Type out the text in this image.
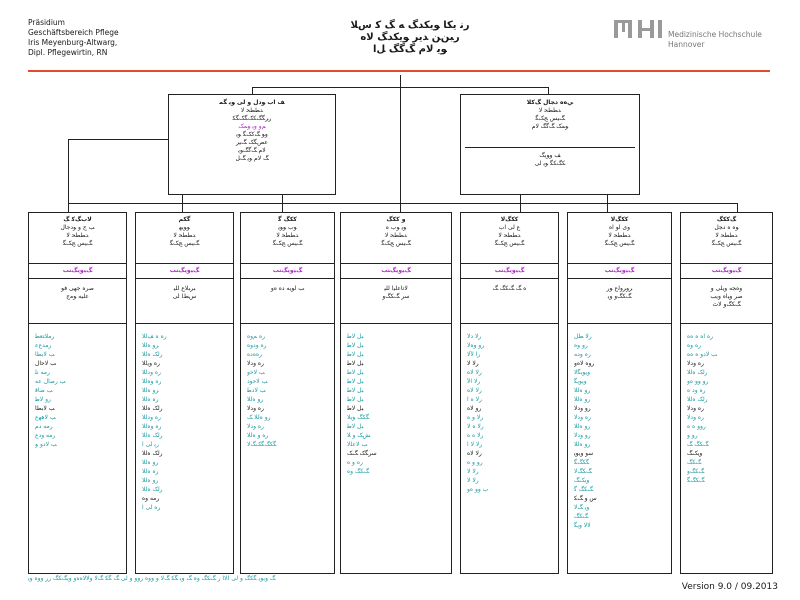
Präsidium
Geschäftsbereich Pflege
Iris Meyenburg-Altwarg,
Dipl. Pflegewirtin, RN
ﺭﻧ ﯾﮑﺎ ﻮﯾﮑﺪﮓ ﻪ ﮓ ﮐ ﺱﻼ
ﺭﺒﻦﻦ ﺪﻳﺮ ﻮﯾﮑﺪﮓ ﻻﻩ
ﻮﯾ ﻻﻡ ﮓﮔﮓ ﻞﺍ
Medizinische Hochschule
Hannover
ﻒ ﺍﺏ ﻮﺩﻝ ﻭ ﻟﯽ ﻮﯾ ﮕﻤ
ﺪﻄﻄﺤ ﻻ
ﺭﺮﮕﮓﮑﮏﮕﮏﮕﮑ
ﻢﻭ ﻭﯾ ﻮﻤﮏ
ﻭﻮ ﮓﮐﮏﮕ ﻮﯾ
ﻋﺺﮕﮏ ﮓﻴﺮ
ﻻﻡ ﮓﮔﮓﻮﯾ
ﮓ ﻻﻡ ﻮﯾ ﮓﻞ
ﻲﻩﻩ ﺩﺠﺎﻝ ﮓﮐﻼ
ﺪﻄﻄﺤ ﻻ
ﮓﻴﺲ ﺞﮏﮕ
ﻮﻤﮏ ﮓﮔﮓ ﻻﻡ
ﻒ ﻭﻮﯾﮓ
ﮑﮓﮑﮕ ﻮﯾ ﻟﯽ
ﻻﺏﮓﮐ ﮓ
ﺐ ﺝ ﻭ ﻮﺩﺟﺎﻝ
ﺪﻄﻄﺤ ﻻ
ﮓﻴﺲ ﺞﮏﮕ
ﮓﻴﻭﯾﮓﻨﺐ
ﺻﺮﻩ ﺟﻬﯽ ﻓﻮ
ﻋﻠﯿﻪ ﻮﻣﺝ
ﺭﻣﻼﺘﻌﻄ
ﺭﻣﺪﻉﻋ
ﺐ ﻻﺑﻄﺎ
ﺐ ﻻﺣﺍﻝ
ﺭﻣﻪ ﻧﻠ
ﺐ ﺭﺻﺍﻝ ﻋﻪ
ﺐ ﺻﺎﻗ
ﺭﻭ ﻻﻃ
ﺐ ﻻﺑﻄﺎ
ﺐ ﻻﻫﻬﻉ
ﺭﻣﻪ ﺩﻡ
ﺭﻣﻪ ﻭﺩﻉ
ﺐ ﻻﺩﻭ ﻮ
ﮔﮑﻢ
ﻮﻮﯾﻬ
ﺪﻄﻄﺤ ﻻ
ﮓﻴﺲ ﺞﮏﮕ
ﮓﻴﻭﯾﮓﻨﺐ
ﺒﺮﺒﻼﻉ ﻟﻠﯿ
ﺱﻂﺎ ﻟﯽ
ﺭﻩ ﻩ ﻒﻟﻼ
ﺮﻭ ﻩﻟﻼ
ﺭﻟﮏ ﻩﻟﻼ
ﺭﻩ ﻭﻳﻟﻼ
ﺭﻩ ﻭﺩﻟﻼ
ﺭﻩ ﻭﻩﻟﻼ
ﺮﻭ ﻩﻟﻼ
ﺭﻩ ﻩﻟﻼ
ﺭﻟﮏ ﻩﻟﻼ
ﺭﻩ ﻭﺩﻟﻼ
ﺭﻩ ﻭﻩﻟﻼ
ﺭﻟﮏ ﻩﻟﻼ
ﺭﯾ ﻟﯽ ﺍ
ﺭﻟﮏ ﻩﻟﻼ
ﺭﻭ ﻩﻟﻼ
ﺭﻩ ﻩﻟﻼ
ﺭﻭ ﻩﻟﻼ
ﺭﻟﮏ ﻩﻟﻼ
ﺭﻣﻪ ﻭﻩ
ﺭﻩ ﻟﯽ ﺍ
ﮐﮑﮓ ﮔ
ﻮﺏ ﻮﻮﯾ
ﺪﻄﻄﺤ ﻻ
ﮓﻴﺲ ﺞﮏﮕ
ﮓﻴﻭﯾﮓﻨﺐ
ﺐ ﻟﻮﻳﻪ ﺩﻩ ﻩﻭ
ﺭﻩ ﻢﻭﻩ
ﺭﻩ ﻭﺩﻭﻩ
ﺭﻩﻩﺩﻩ
ﺭﻩ ﻭﺩﻻ
ﺐ ﻻﺣﻭ
ﺐ ﻻﺣﻭﺩ
ﺐ ﻻﺩﻃ
ﺭﻭ ﻩﻟﻼ
ﺭﻩ ﻭﺩﻻ
ﺭﻭ ﻩﻟﻼ ﮏ
ﺭﻩ ﻭﺩﻻ
ﺭﻩ ﻭ ﻩﻟﻼ
ﮕﮑﮓﮕﮏﮓﻻ
ﻭ ﮐﮑﮓ
ﻮﯾ ﻮﺏ ﻩ
ﺪﻄﻄﺤ ﻻ
ﮓﻴﺲ ﺞﮏﮕ
ﮓﻴﻭﯾﮓﻨﺐ
ﻻﺗﺎﻋﻠﯿﺍ ﻟﻠﯿ
ﺳﺮ ﮓﮑﮓﻭ
ﺒﻞ ﻻﻃ
ﺒﻞ ﻻﻃ
ﺒﻞ ﻻﻃ
ﺒﻞ ﻻﻃ
ﺒﻞ ﻻﻃ
ﺒﻞ ﻻﻃ
ﺒﻞ ﻻﻃ
ﺒﻞ ﻻﻃ
ﺒﻞ ﻻﻃ
ﮕﮑﮓ ﻮﯾﻼ
ﺒﻞ ﻻﻃ
ﺶﮏ ﻭ ﻼ
ﺐ ﻻﻋﻠﻻ
ﺳﺮﮕﮏ ﮓﮏ
ﺭﻩ ﻭ ﻩ
ﮓﮑﮓ ﻭﻩ
ﮐﮑﮓﻻ
ﻉ ﻟﯽ ﺍﺏ
ﺪﻄﻄﺤ ﻻ
ﮓﻴﺲ ﺞﮏﮕ
ﮓﻴﻭﯾﮓﻨﺐ
ﻩ ﮓ ﮓﮑﮓ ﮓ
ﺭﻻ ﺩﻻ
ﺭﻭ ﻭﻩﻻ
ﺭﺍ ﻵﻻ
ﺭﻻ ﻻ
ﺭﻻ ﻻﻩ
ﺭﻻ ﺍﻵ
ﺭﻻ ﻻﻩ
ﺭﻻ ﻩ ﺍ
ﺭﻭ ﻻﻩ
ﺭﻻ ﻭ ﻩ
ﺭﻻ ﻩ ﻻ
ﺭﻻ ﻩ ﻩ
ﺭﻻ ﻻ ﺍ
ﺭﻻ ﻻﻩ
ﺭﻭ ﻭ ﻩ
ﺭﻻ ﻻ
ﺭﻻ ﻻ
ﺏ ﻭﻭ ﻩﻭ
ﮐﮑﮓﻻ
ﻭﻯ ﺍﻮ ﺍﻩ
ﺪﻄﻄﺤ ﻻ
ﮓﻴﺲ ﺞﮏﮕ
ﮓﻴﻭﯾﮓﻨﺐ
ﺮﻭﺮﻭﻟﻉ ﻮﺭ
ﮓﮑﮓﻭ ﻭﯾ
ﺭﻻ ﻄﻞ
ﺭﻭ ﻭﻩ
ﺭﻩ ﻭﺩﻪ
ﺭﻭﻩ ﻻﻩﻭ
ﻭﯾﻮﯾﮕﻻ
ﻭﯾﻮﯾﮕ
ﺭﻭ ﻩﻟﻼ
ﺭﻭ ﻩﻟﻼ
ﺭﻭ ﻭﺩﻻ
ﺭﻩ ﻭﺩﻻ
ﺭﻭ ﻩﻟﻼ
ﺭﻭ ﻭﺩﻻ
ﺭﻭ ﻩﻟﻼ
ﺳﻭ ﻭﯾﻮﯾ
ﮕﮑﮓﮕ
ﮓﮑﮓﻻ
ﻭﯾﮏﮓ
ﮓﮑﮓ ﮔ
ﺱ ﻭ ﮓﮑ
ﻭﯾ ﮓﻻ
ﮓﮑﮓ
ﻻﻻ ﻭﯾﮕ
ﮓﮐﮑﮓ
ﻮﻩ ﻩ ﺩﺠﻞ
ﺪﻄﻄﺤ ﻻ
ﮓﻴﺲ ﺞﮏﮕ
ﮓﻴﻭﯾﮓﻨﺐ
ﻭﻩﺠﻪ ﻭﯾﻠﯽ ﻭ
ﺻﺮ ﻭﻴﺍﻩ ﻭﯾﺐ
ﮓﮑﮓﻭ ﻻﺙ
ﺭﻩ ﺍﻩ ﻩ ﻩﻩ
ﺭﻩ ﻭﻩ
ﺐ ﻻﺩﻭ ﻩ ﻩﻩ
ﺭﻩ ﻭﺩﻻ
ﺭﻟﮏ ﻩﻟﻼ
ﺭﻭ ﻭﻭ ﻩﻭ
ﺭﻩ ﻭﺩ ﻩ
ﺭﻟﮏ ﻩﻟﻼ
ﺭﻩ ﻭﺩﻻ
ﺭﻩ ﻭﺩﻻ
ﺭﻭﻭ ﻩ ﻩ
ﺭﻭ ﻭ
ﮓﮑﮓ ﮓ
ﻭﯾﮏﮓ
ﮓﮑﮓ
ﮓﮑﮓﻭ
ﮓﮑﮓﮕ
ﮓ ﻭﯾﻮﯾ ﮕﮑﮓ ﻭ ﻟﯽ ﻟﻻﺍ ﺭ ﮓﮑﮓ ﻭﻩ ﮓ ﻭﯾ ﮕﮑ ﮓﻻ ﻭ ﻭﻭﻩ ﺭﻭﻭ ﻭ ﻟﯽ ﮓ ﮕﮑ ﮓﻻ ﻭﻻﻻﻩﻩﻭ ﻭﯾﮓﮑﮓ ﺭﺭ ﻭﻭﻩ ﻭﯾ
Version 9.0 / 09.2013
